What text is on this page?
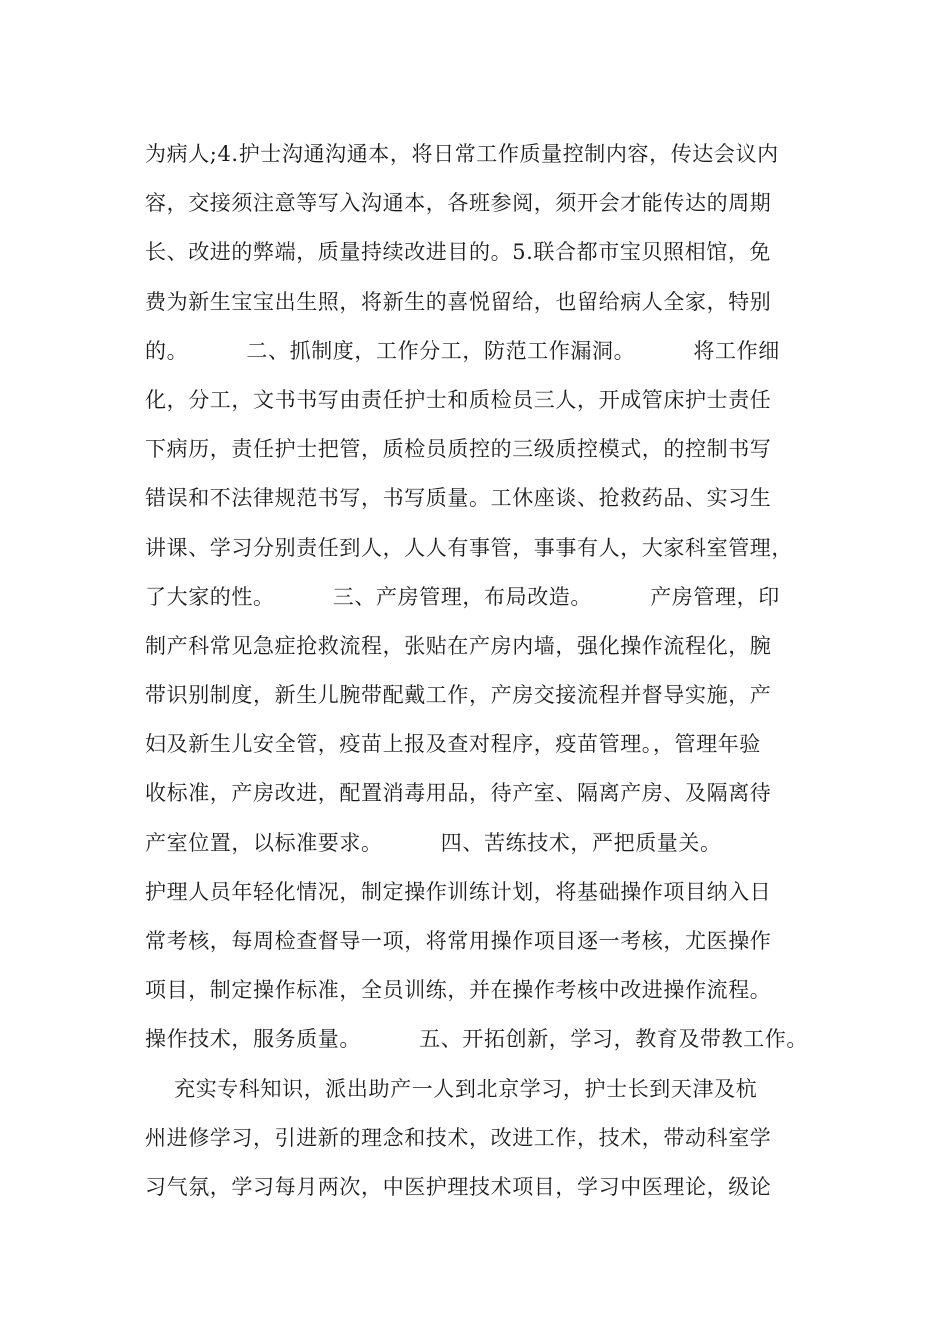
为病人;4.护士沟通沟通本，将日常工作质量控制内容，传达会议内
容，交接须注意等写入沟通本，各班参阅，须开会才能传达的周期
长、改进的弊端，质量持续改进目的。5.联合都市宝贝照相馆，免
费为新生宝宝出生照，将新生的喜悦留给，也留给病人全家，特别
的。        二、抓制度，工作分工，防范工作漏洞。        将工作细
化，分工，文书书写由责任护士和质检员三人，开成管床护士责任
下病历，责任护士把管，质检员质控的三级质控模式，的控制书写
错误和不法律规范书写，书写质量。工休座谈、抢救药品、实习生
讲课、学习分别责任到人，人人有事管，事事有人，大家科室管理，
了大家的性。        三、产房管理，布局改造。        产房管理，印
制产科常见急症抢救流程，张贴在产房内墙，强化操作流程化，腕
带识别制度，新生儿腕带配戴工作，产房交接流程并督导实施，产
妇及新生儿安全管，疫苗上报及查对程序，疫苗管理。，管理年验
收标准，产房改进，配置消毒用品，待产室、隔离产房、及隔离待
产室位置，以标准要求。        四、苦练技术，严把质量关。
护理人员年轻化情况，制定操作训练计划，将基础操作项目纳入日
常考核，每周检查督导一项，将常用操作项目逐一考核，尤医操作
项目，制定操作标准，全员训练，并在操作考核中改进操作流程。
操作技术，服务质量。        五、开拓创新，学习，教育及带教工作。
充实专科知识，派出助产一人到北京学习，护士长到天津及杭
州进修学习，引进新的理念和技术，改进工作，技术，带动科室学
习气氛，学习每月两次，中医护理技术项目，学习中医理论，级论
